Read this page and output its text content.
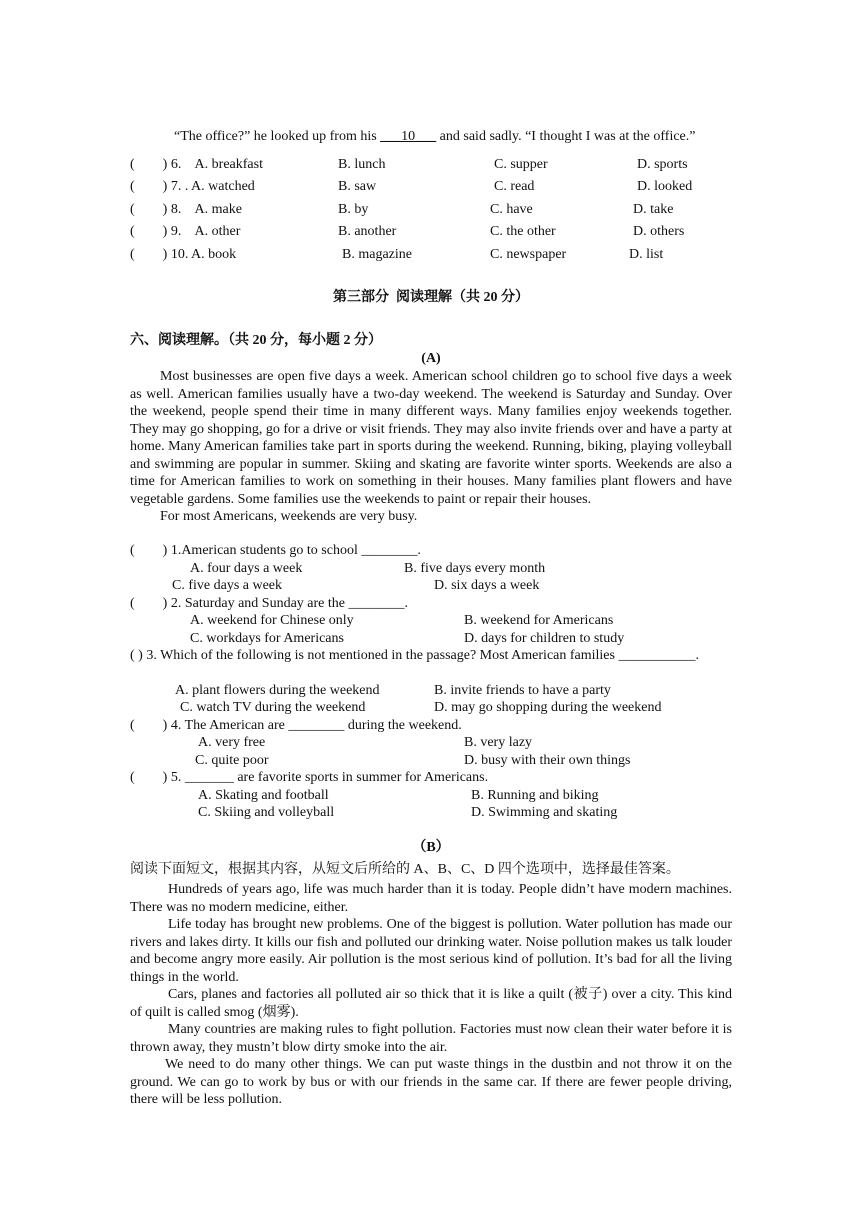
“The office?” he looked up from his ___10___ and said sadly. “I thought I was at the office.”

(        ) 6.    A. breakfast	B. lunch	C. supper	D. sports
(        ) 7. . A. watched	B. saw	C. read	D. looked
(        ) 8.    A. make	B. by	C. have	D. take
(        ) 9.    A. other	B. another	C. the other	D. others
(        ) 10. A. book	B. magazine	C. newspaper	D. list
第三部分  阅读理解（共 20 分）
六、阅读理解。（共 20 分，每小题 2 分）
(A)

Most businesses are open five days a week. American school children go to school five days a week as well. American families usually have a two-day weekend. The weekend is Saturday and Sunday. Over the weekend, people spend their time in many different ways. Many families enjoy weekends together. They may go shopping, go for a drive or visit friends. They may also invite friends over and have a party at home. Many American families take part in sports during the weekend. Running, biking, playing volleyball and swimming are popular in summer. Skiing and skating are favorite winter sports. Weekends are also a time for American families to work on something in their houses. Many families plant flowers and have vegetable gardens. Some families use the weekends to paint or repair their houses.

For most Americans, weekends are very busy.

(        ) 1.American students go to school ________.
A. four days a week	B. five days every month
C. five days a week	D. six days a week
(        ) 2. Saturday and Sunday are the ________.
A. weekend for Chinese only	B. weekend for Americans
C. workdays for Americans	D. days for children to study

( ) 3. Which of the following is not mentioned in the passage? Most American families ___________.

A. plant flowers during the weekend	B. invite friends to have a party
C. watch TV during the weekend	D. may go shopping during the weekend
(        ) 4. The American are ________ during the weekend.
A. very free	B. very lazy
C. quite poor	D. busy with their own things
(        ) 5. _______ are favorite sports in summer for Americans.
A. Skating and football	B. Running and biking
C. Skiing and volleyball	D. Swimming and skating
（B）
阅读下面短文，根据其内容，从短文后所给的 A、B、C、D 四个选项中，选择最佳答案。

Hundreds of years ago, life was much harder than it is today. People didn’t have modern machines. There was no modern medicine, either.

Life today has brought new problems. One of the biggest is pollution. Water pollution has made our rivers and lakes dirty. It kills our fish and polluted our drinking water. Noise pollution makes us talk louder and become angry more easily. Air pollution is the most serious kind of pollution. It’s bad for all the living things in the world.

Cars, planes and factories all polluted air so thick that it is like a quilt (被子) over a city. This kind of quilt is called smog (烟雾).

Many countries are making rules to fight pollution. Factories must now clean their water before it is thrown away, they mustn’t blow dirty smoke into the air.

We need to do many other things. We can put waste things in the dustbin and not throw it on the ground. We can go to work by bus or with our friends in the same car. If there are fewer people driving, there will be less pollution.
